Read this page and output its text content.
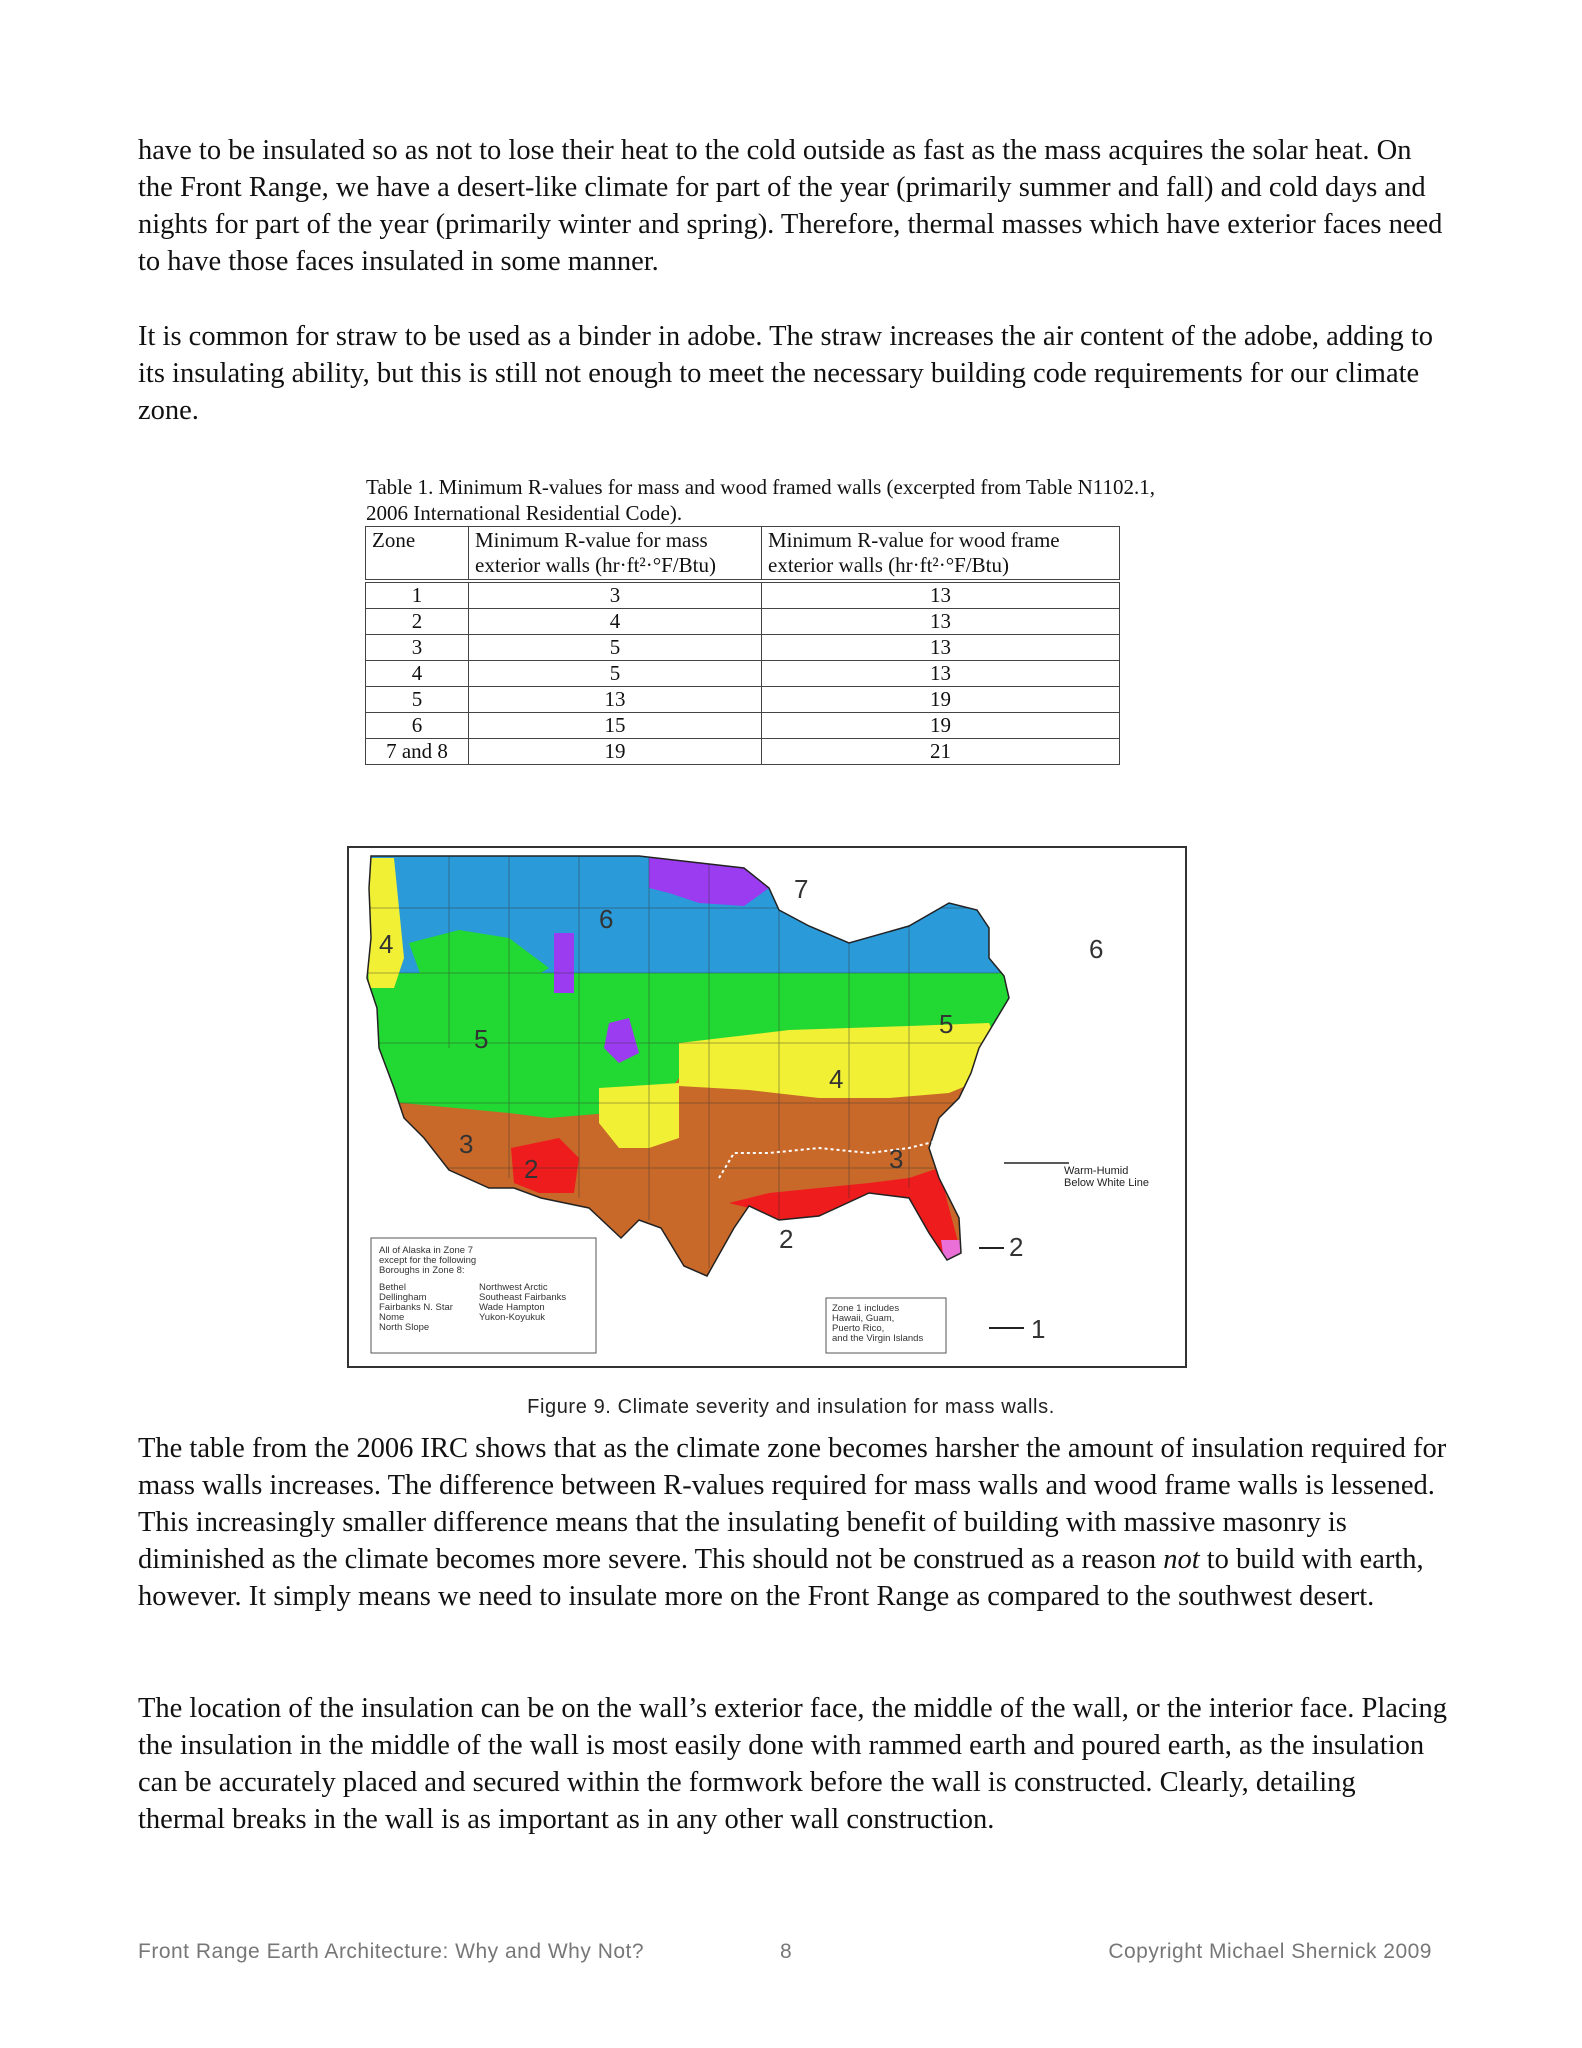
have to be insulated so as not to lose their heat to the cold outside as fast as the mass acquires the solar heat. On the Front Range, we have a desert-like climate for part of the year (primarily summer and fall) and cold days and nights for part of the year (primarily winter and spring). Therefore, thermal masses which have exterior faces need to have those faces insulated in some manner.

It is common for straw to be used as a binder in adobe. The straw increases the air content of the adobe, adding to its insulating ability, but this is still not enough to meet the necessary building code requirements for our climate zone.

Table 1. Minimum R-values for mass and wood framed walls (excerpted from Table N1102.1, 2006 International Residential Code).
Zone	Minimum R-value for mass exterior walls (hr·ft²·°F/Btu)	Minimum R-value for wood frame exterior walls (hr·ft²·°F/Btu)
1	3	13
2	4	13
3	5	13
4	5	13
5	13	19
6	15	19
7 and 8	19	21
7
6
4
5	5
4
6
3
2
2
3
2
1
Warm-Humid
Below White Line
All of Alaska in Zone 7
except for the following
Boroughs in Zone 8:
Bethel
Dellingham
Fairbanks N. Star
Nome
North Slope
Northwest Arctic
Southeast Fairbanks
Wade Hampton
Yukon-Koyukuk
Zone 1 includes
Hawaii, Guam,
Puerto Rico,
and the Virgin Islands
Figure 9. Climate severity and insulation for mass walls.

The table from the 2006 IRC shows that as the climate zone becomes harsher the amount of insulation required for mass walls increases. The difference between R-values required for mass walls and wood frame walls is lessened. This increasingly smaller difference means that the insulating benefit of building with massive masonry is diminished as the climate becomes more severe. This should not be construed as a reason not to build with earth, however. It simply means we need to insulate more on the Front Range as compared to the southwest desert.

The location of the insulation can be on the wall’s exterior face, the middle of the wall, or the interior face. Placing the insulation in the middle of the wall is most easily done with rammed earth and poured earth, as the insulation can be accurately placed and secured within the formwork before the wall is constructed. Clearly, detailing thermal breaks in the wall is as important as in any other wall construction.

Front Range Earth Architecture: Why and Why Not?	8	Copyright Michael Shernick 2009
